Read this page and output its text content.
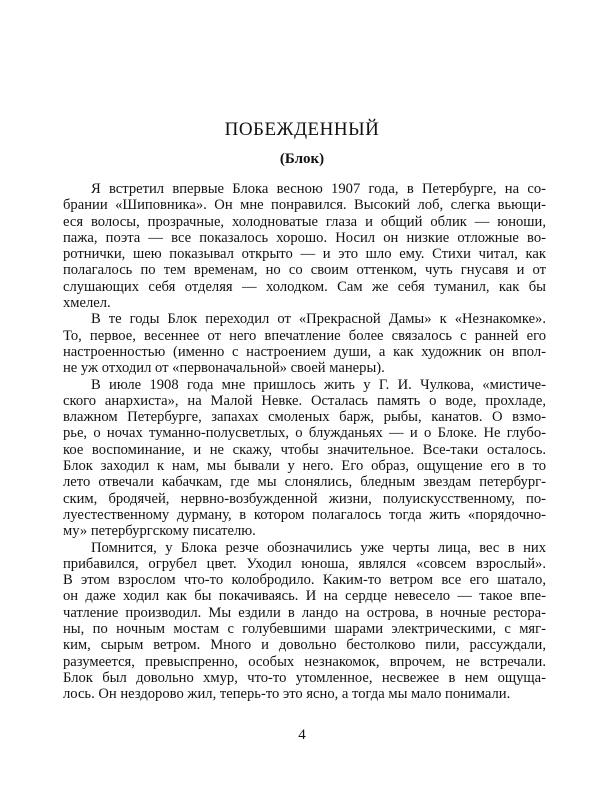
ПОБЕЖДЕННЫЙ
(Блок)
Я встретил впервые Блока весною 1907 года, в Петербурге, на со-
брании «Шиповника». Он мне понравился. Высокий лоб, слегка вьющи-
еся волосы, прозрачные, холодноватые глаза и общий облик — юноши,
пажа, поэта — все показалось хорошо. Носил он низкие отложные во-
ротнички, шею показывал открыто — и это шло ему. Стихи читал, как
полагалось по тем временам, но со своим оттенком, чуть гнусавя и от
слушающих себя отделяя — холодком. Сам же себя туманил, как бы
хмелел.
В те годы Блок переходил от «Прекрасной Дамы» к «Незнакомке».
То, первое, весеннее от него впечатление более связалось с ранней его
настроенностью (именно с настроением души, а как художник он впол-
не уж отходил от «первоначальной» своей манеры).
В июле 1908 года мне пришлось жить у Г. И. Чулкова, «мистиче-
ского анархиста», на Малой Невке. Осталась память о воде, прохладе,
влажном Петербурге, запахах смоленых барж, рыбы, канатов. О взмо-
рье, о ночах туманно-полусветлых, о блужданьях — и о Блоке. Не глубо-
кое воспоминание, и не скажу, чтобы значительное. Все-таки осталось.
Блок заходил к нам, мы бывали у него. Его образ, ощущение его в то
лето отвечали кабачкам, где мы слонялись, бледным звездам петербург-
ским, бродячей, нервно-возбужденной жизни, полуискусственному, по-
луестественному дурману, в котором полагалось тогда жить «порядочно-
му» петербургскому писателю.
Помнится, у Блока резче обозначились уже черты лица, вес в них
прибавился, огрубел цвет. Уходил юноша, являлся «совсем взрослый».
В этом взрослом что-то колобродило. Каким-то ветром все его шатало,
он даже ходил как бы покачиваясь. И на сердце невесело — такое впе-
чатление производил. Мы ездили в ландо на острова, в ночные рестора-
ны, по ночным мостам с голубевшими шарами электрическими, с мяг-
ким, сырым ветром. Много и довольно бестолково пили, рассуждали,
разумеется, превыспренно, особых незнакомок, впрочем, не встречали.
Блок был довольно хмур, что-то утомленное, несвежее в нем ощуща-
лось. Он нездорово жил, теперь-то это ясно, а тогда мы мало понимали.
4
